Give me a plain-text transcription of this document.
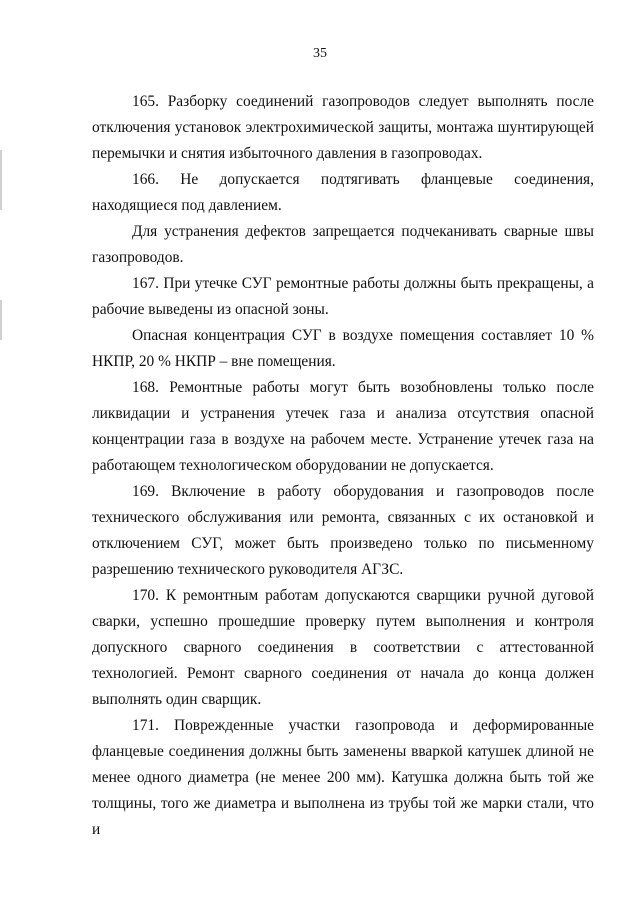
35

165. Разборку соединений газопроводов следует выполнять после отключения установок электрохимической защиты, монтажа шунтирующей перемычки и снятия избыточного давления в газопроводах.

166. Не допускается подтягивать фланцевые соединения, находящиеся под давлением.

Для устранения дефектов запрещается подчеканивать сварные швы газопроводов.

167. При утечке СУГ ремонтные работы должны быть прекращены, а рабочие выведены из опасной зоны.

Опасная концентрация СУГ в воздухе помещения составляет 10 % НКПР, 20 % НКПР – вне помещения.

168. Ремонтные работы могут быть возобновлены только после ликвидации и устранения утечек газа и анализа отсутствия опасной концентрации газа в воздухе на рабочем месте. Устранение утечек газа на работающем технологическом оборудовании не допускается.

169. Включение в работу оборудования и газопроводов после технического обслуживания или ремонта, связанных с их остановкой и отключением СУГ, может быть произведено только по письменному разрешению технического руководителя АГЗС.

170. К ремонтным работам допускаются сварщики ручной дуговой сварки, успешно прошедшие проверку путем выполнения и контроля допускного сварного соединения в соответствии с аттестованной технологией. Ремонт сварного соединения от начала до конца должен выполнять один сварщик.

171. Поврежденные участки газопровода и деформированные фланцевые соединения должны быть заменены вваркой катушек длиной не менее одного диаметра (не менее 200 мм). Катушка должна быть той же толщины, того же диаметра и выполнена из трубы той же марки стали, что и
